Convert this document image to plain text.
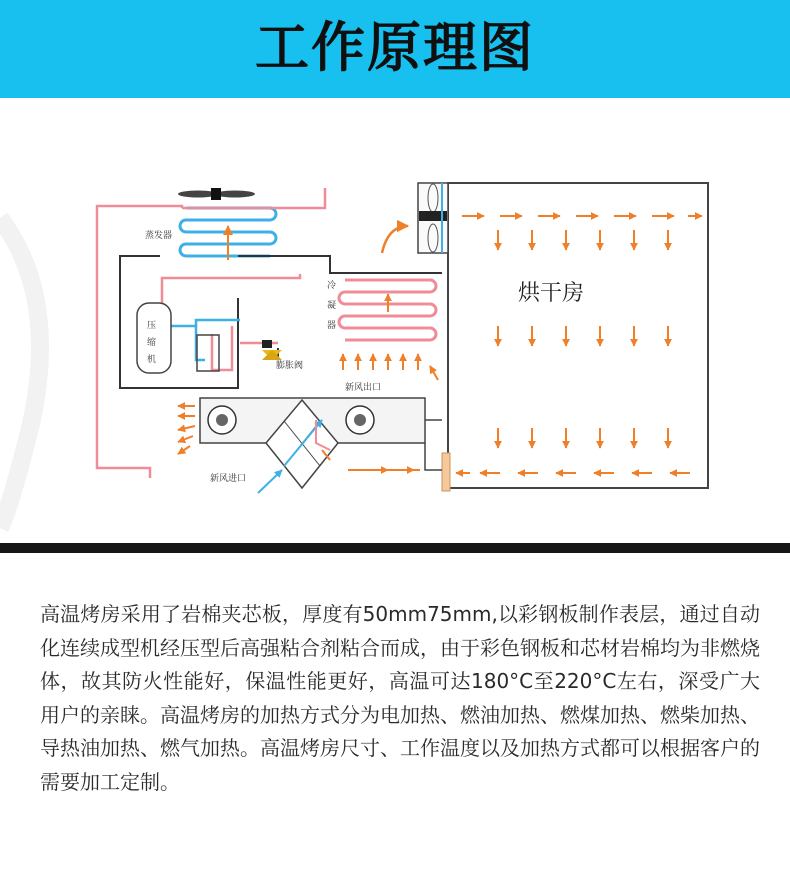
工作原理图
蒸发器
压
缩
机
膨胀阀
冷
凝
器
烘干房
新风出口
新风进口

高温烤房采用了岩棉夹芯板，厚度有50mm75mm,以彩钢板制作表层，通过自动化连续成型机经压型后高强粘合剂粘合而成，由于彩色钢板和芯材岩棉均为非燃烧体，故其防火性能好，保温性能更好，高温可达180°C至220°C左右，深受广大用户的亲睐。高温烤房的加热方式分为电加热、燃油加热、燃煤加热、燃柴加热、导热油加热、燃气加热。高温烤房尺寸、工作温度以及加热方式都可以根据客户的需要加工定制。
